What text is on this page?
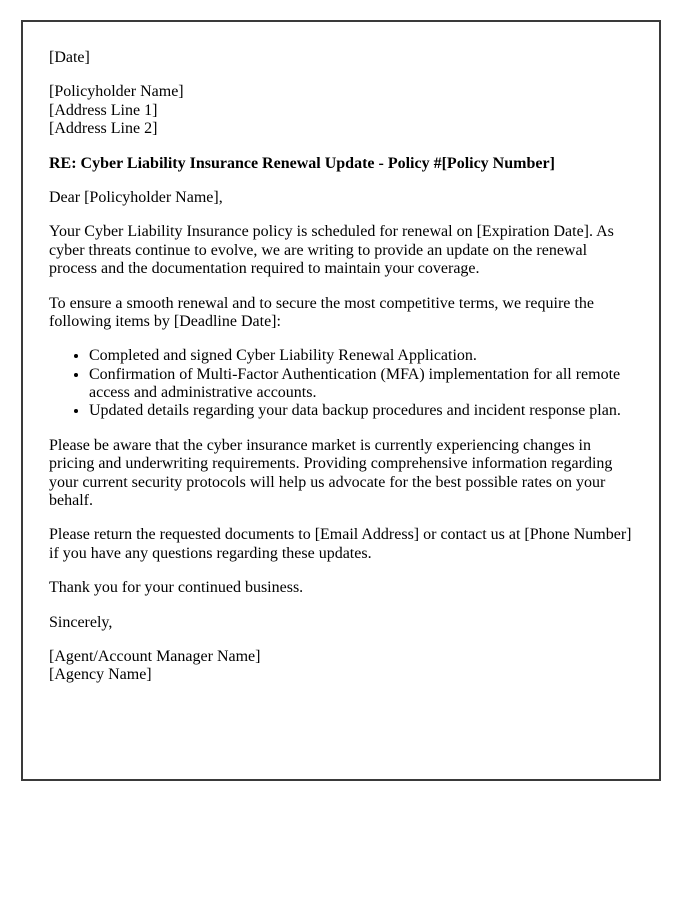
[Date]

[Policyholder Name]
[Address Line 1]
[Address Line 2]

RE: Cyber Liability Insurance Renewal Update - Policy #[Policy Number]

Dear [Policyholder Name],

Your Cyber Liability Insurance policy is scheduled for renewal on [Expiration Date]. As cyber threats continue to evolve, we are writing to provide an update on the renewal process and the documentation required to maintain your coverage.

To ensure a smooth renewal and to secure the most competitive terms, we require the following items by [Deadline Date]:

• Completed and signed Cyber Liability Renewal Application.
• Confirmation of Multi-Factor Authentication (MFA) implementation for all remote access and administrative accounts.
• Updated details regarding your data backup procedures and incident response plan.

Please be aware that the cyber insurance market is currently experiencing changes in pricing and underwriting requirements. Providing comprehensive information regarding your current security protocols will help us advocate for the best possible rates on your behalf.

Please return the requested documents to [Email Address] or contact us at [Phone Number] if you have any questions regarding these updates.

Thank you for your continued business.

Sincerely,

[Agent/Account Manager Name]
[Agency Name]
